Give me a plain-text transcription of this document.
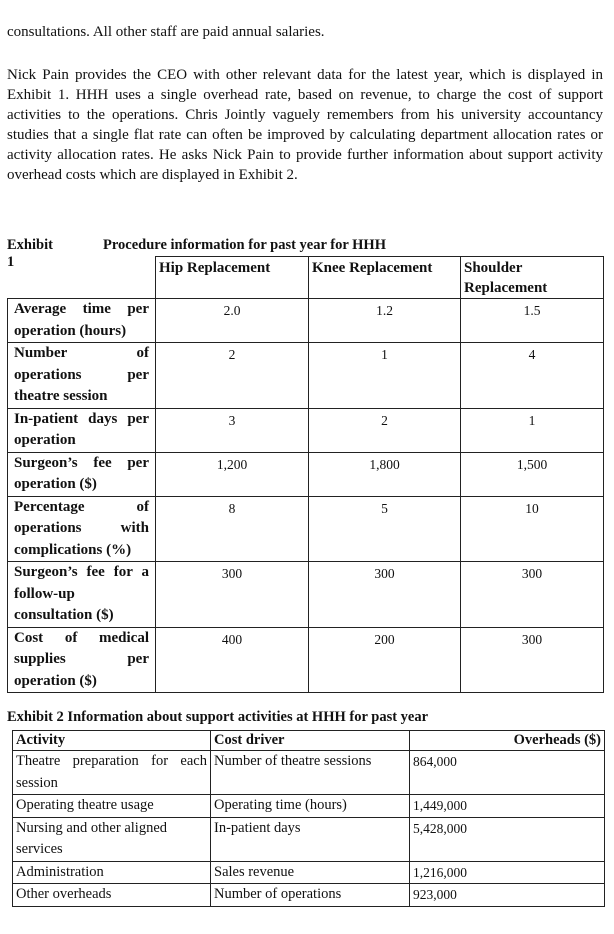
consultations. All other staff are paid annual salaries.

Nick Pain provides the CEO with other relevant data for the latest year, which is displayed in Exhibit 1. HHH uses a single overhead rate, based on revenue, to charge the cost of support activities to the operations. Chris Jointly vaguely remembers from his university accountancy studies that a single flat rate can often be improved by calculating department allocation rates or activity allocation rates. He asks Nick Pain to provide further information about support activity overhead costs which are displayed in Exhibit 2.

Exhibit 1
Procedure information for past year for HHH
	Hip Replacement	Knee Replacement	Shoulder Replacement
Average time per operation (hours)	2.0	1.2	1.5
Number of operations per theatre session	2	1	4
In-patient days per operation	3	2	1
Surgeon’s fee per operation ($)	1,200	1,800	1,500
Percentage of operations with complications (%)	8	5	10
Surgeon’s fee for a follow-up consultation ($)	300	300	300
Cost of medical supplies per operation ($)	400	200	300
Exhibit 2 Information about support activities at HHH for past year
Activity	Cost driver	Overheads ($)
Theatre preparation for each session	Number of theatre sessions	864,000
Operating theatre usage	Operating time (hours)	1,449,000
Nursing and other aligned services	In-patient days	5,428,000
Administration	Sales revenue	1,216,000
Other overheads	Number of operations	923,000
